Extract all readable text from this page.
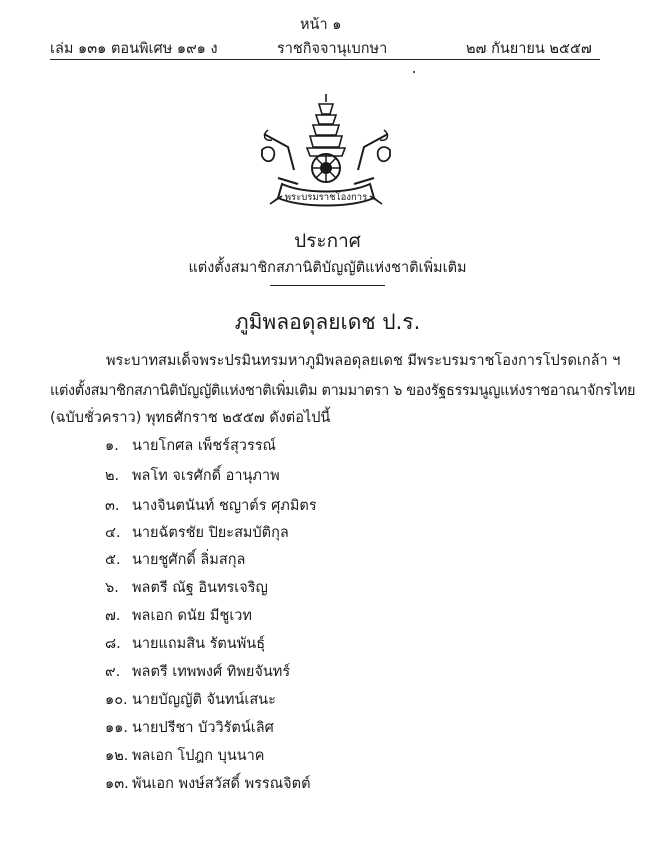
หน้า ๑
เล่ม ๑๓๑ ตอนพิเศษ ๑๙๑ ง	ราชกิจจานุเบกษา	๒๗ กันยายน ๒๕๕๗
พระบรมราชโองการ
ประกาศ
แต่งตั้งสมาชิกสภานิติบัญญัติแห่งชาติเพิ่มเติม
ภูมิพลอดุลยเดช ป.ร.
พระบาทสมเด็จพระปรมินทรมหาภูมิพลอดุลยเดช มีพระบรมราชโองการโปรดเกล้า ฯ
แต่งตั้งสมาชิกสภานิติบัญญัติแห่งชาติเพิ่มเติม ตามมาตรา ๖ ของรัฐธรรมนูญแห่งราชอาณาจักรไทย
(ฉบับชั่วคราว) พุทธศักราช ๒๕๕๗ ดังต่อไปนี้
๑. นายโกศล เพ็ชร์สุวรรณ์
๒. พลโท จเรศักดิ์ อานุภาพ
๓. นางจินตนันท์ ชญาต์ร ศุภมิตร
๔. นายฉัตรชัย ปิยะสมบัติกุล
๕. นายชูศักดิ์ ลิ่มสกุล
๖. พลตรี ณัฐ อินทรเจริญ
๗. พลเอก ดนัย มีชูเวท
๘. นายแถมสิน รัตนพันธุ์
๙. พลตรี เทพพงศ์ ทิพยจันทร์
๑๐. นายบัญญัติ จันทน์เสนะ
๑๑. นายปรีชา บัววิรัตน์เลิศ
๑๒. พลเอก โปฎก บุนนาค
๑๓. พันเอก พงษ์สวัสดิ์ พรรณจิตต์
